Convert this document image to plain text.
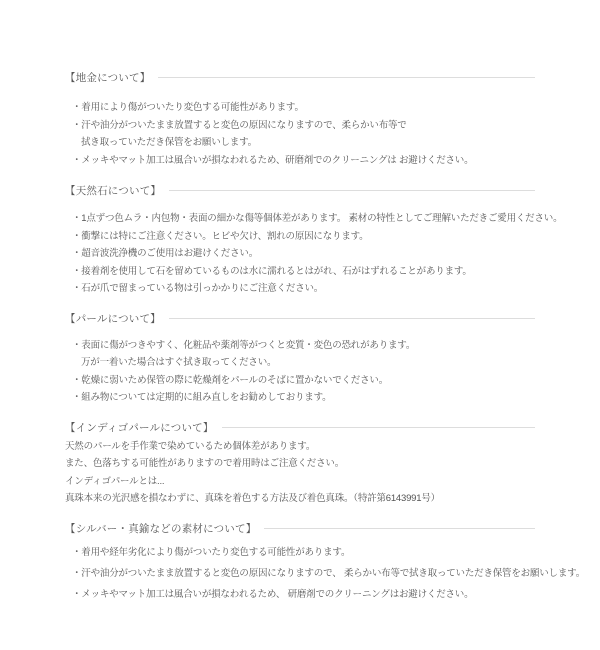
【地金について】
・着用により傷がついたり変色する可能性があります。
・汗や油分がついたまま放置すると変色の原因になりますので、柔らかい布等で
拭き取っていただき保管をお願いします。
・メッキやマット加工は風合いが損なわれるため、研磨剤でのクリーニングは お避けください。
【天然石について】
・1点ずつ色ムラ・内包物・表面の細かな傷等個体差があります。 素材の特性としてご理解いただきご愛用ください。
・衝撃には特にご注意ください。ヒビや欠け、割れの原因になります。
・超音波洗浄機のご使用はお避けください。
・接着剤を使用して石を留めているものは水に濡れるとはがれ、石がはずれることがあります。
・石が爪で留まっている物は引っかかりにご注意ください。
【パールについて】
・表面に傷がつきやすく、化粧品や薬剤等がつくと変質・変色の恐れがあります。
万が一着いた場合はすぐ拭き取ってください。
・乾燥に弱いため保管の際に乾燥剤をパールのそばに置かないでください。
・組み物については定期的に組み直しをお勧めしております。
【インディゴパールについて】
天然のパールを手作業で染めているため個体差があります。
また、色落ちする可能性がありますので着用時はご注意ください。
インディゴパールとは...
真珠本来の光沢感を損なわずに、真珠を着色する方法及び着色真珠。（特許第6143991号）
【シルバー・真鍮などの素材について】
・着用や経年劣化により傷がついたり変色する可能性があります。
・汗や油分がついたまま放置すると変色の原因になりますので、 柔らかい布等で拭き取っていただき保管をお願いします。
・メッキやマット加工は風合いが損なわれるため、 研磨剤でのクリーニングはお避けください。
